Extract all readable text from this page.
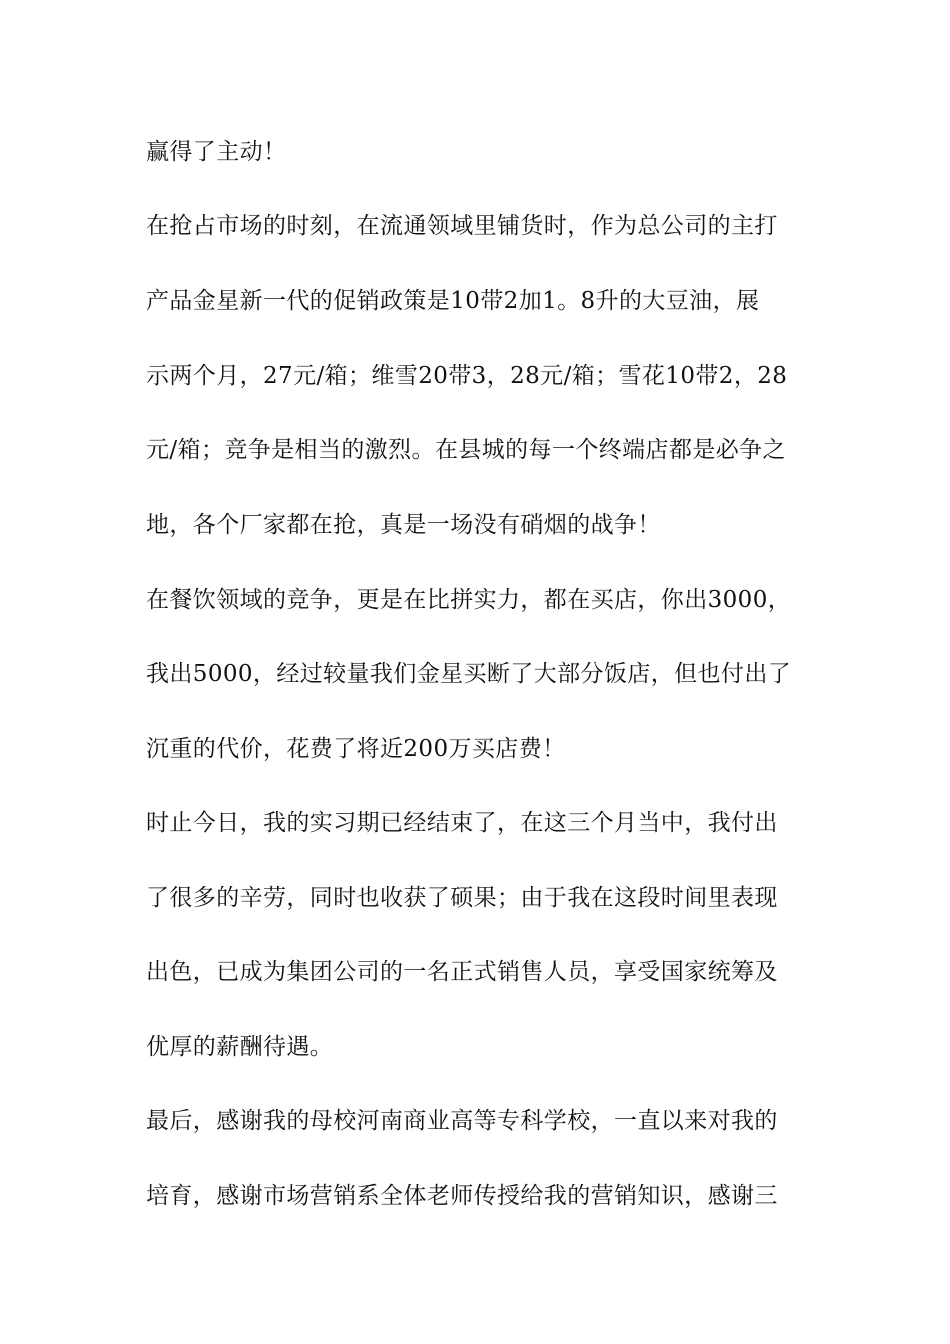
赢得了主动！
在抢占市场的时刻，在流通领域里铺货时，作为总公司的主打
产品金星新一代的促销政策是10带2加1。8升的大豆油，展
示两个月，27元/箱；维雪20带3，28元/箱；雪花10带2，28
元/箱；竞争是相当的激烈。在县城的每一个终端店都是必争之
地，各个厂家都在抢，真是一场没有硝烟的战争！
在餐饮领域的竞争，更是在比拼实力，都在买店，你出3000，
我出5000，经过较量我们金星买断了大部分饭店，但也付出了
沉重的代价，花费了将近200万买店费！
时止今日，我的实习期已经结束了，在这三个月当中，我付出
了很多的辛劳，同时也收获了硕果；由于我在这段时间里表现
出色，已成为集团公司的一名正式销售人员，享受国家统筹及
优厚的薪酬待遇。
最后，感谢我的母校河南商业高等专科学校，一直以来对我的
培育，感谢市场营销系全体老师传授给我的营销知识，感谢三
